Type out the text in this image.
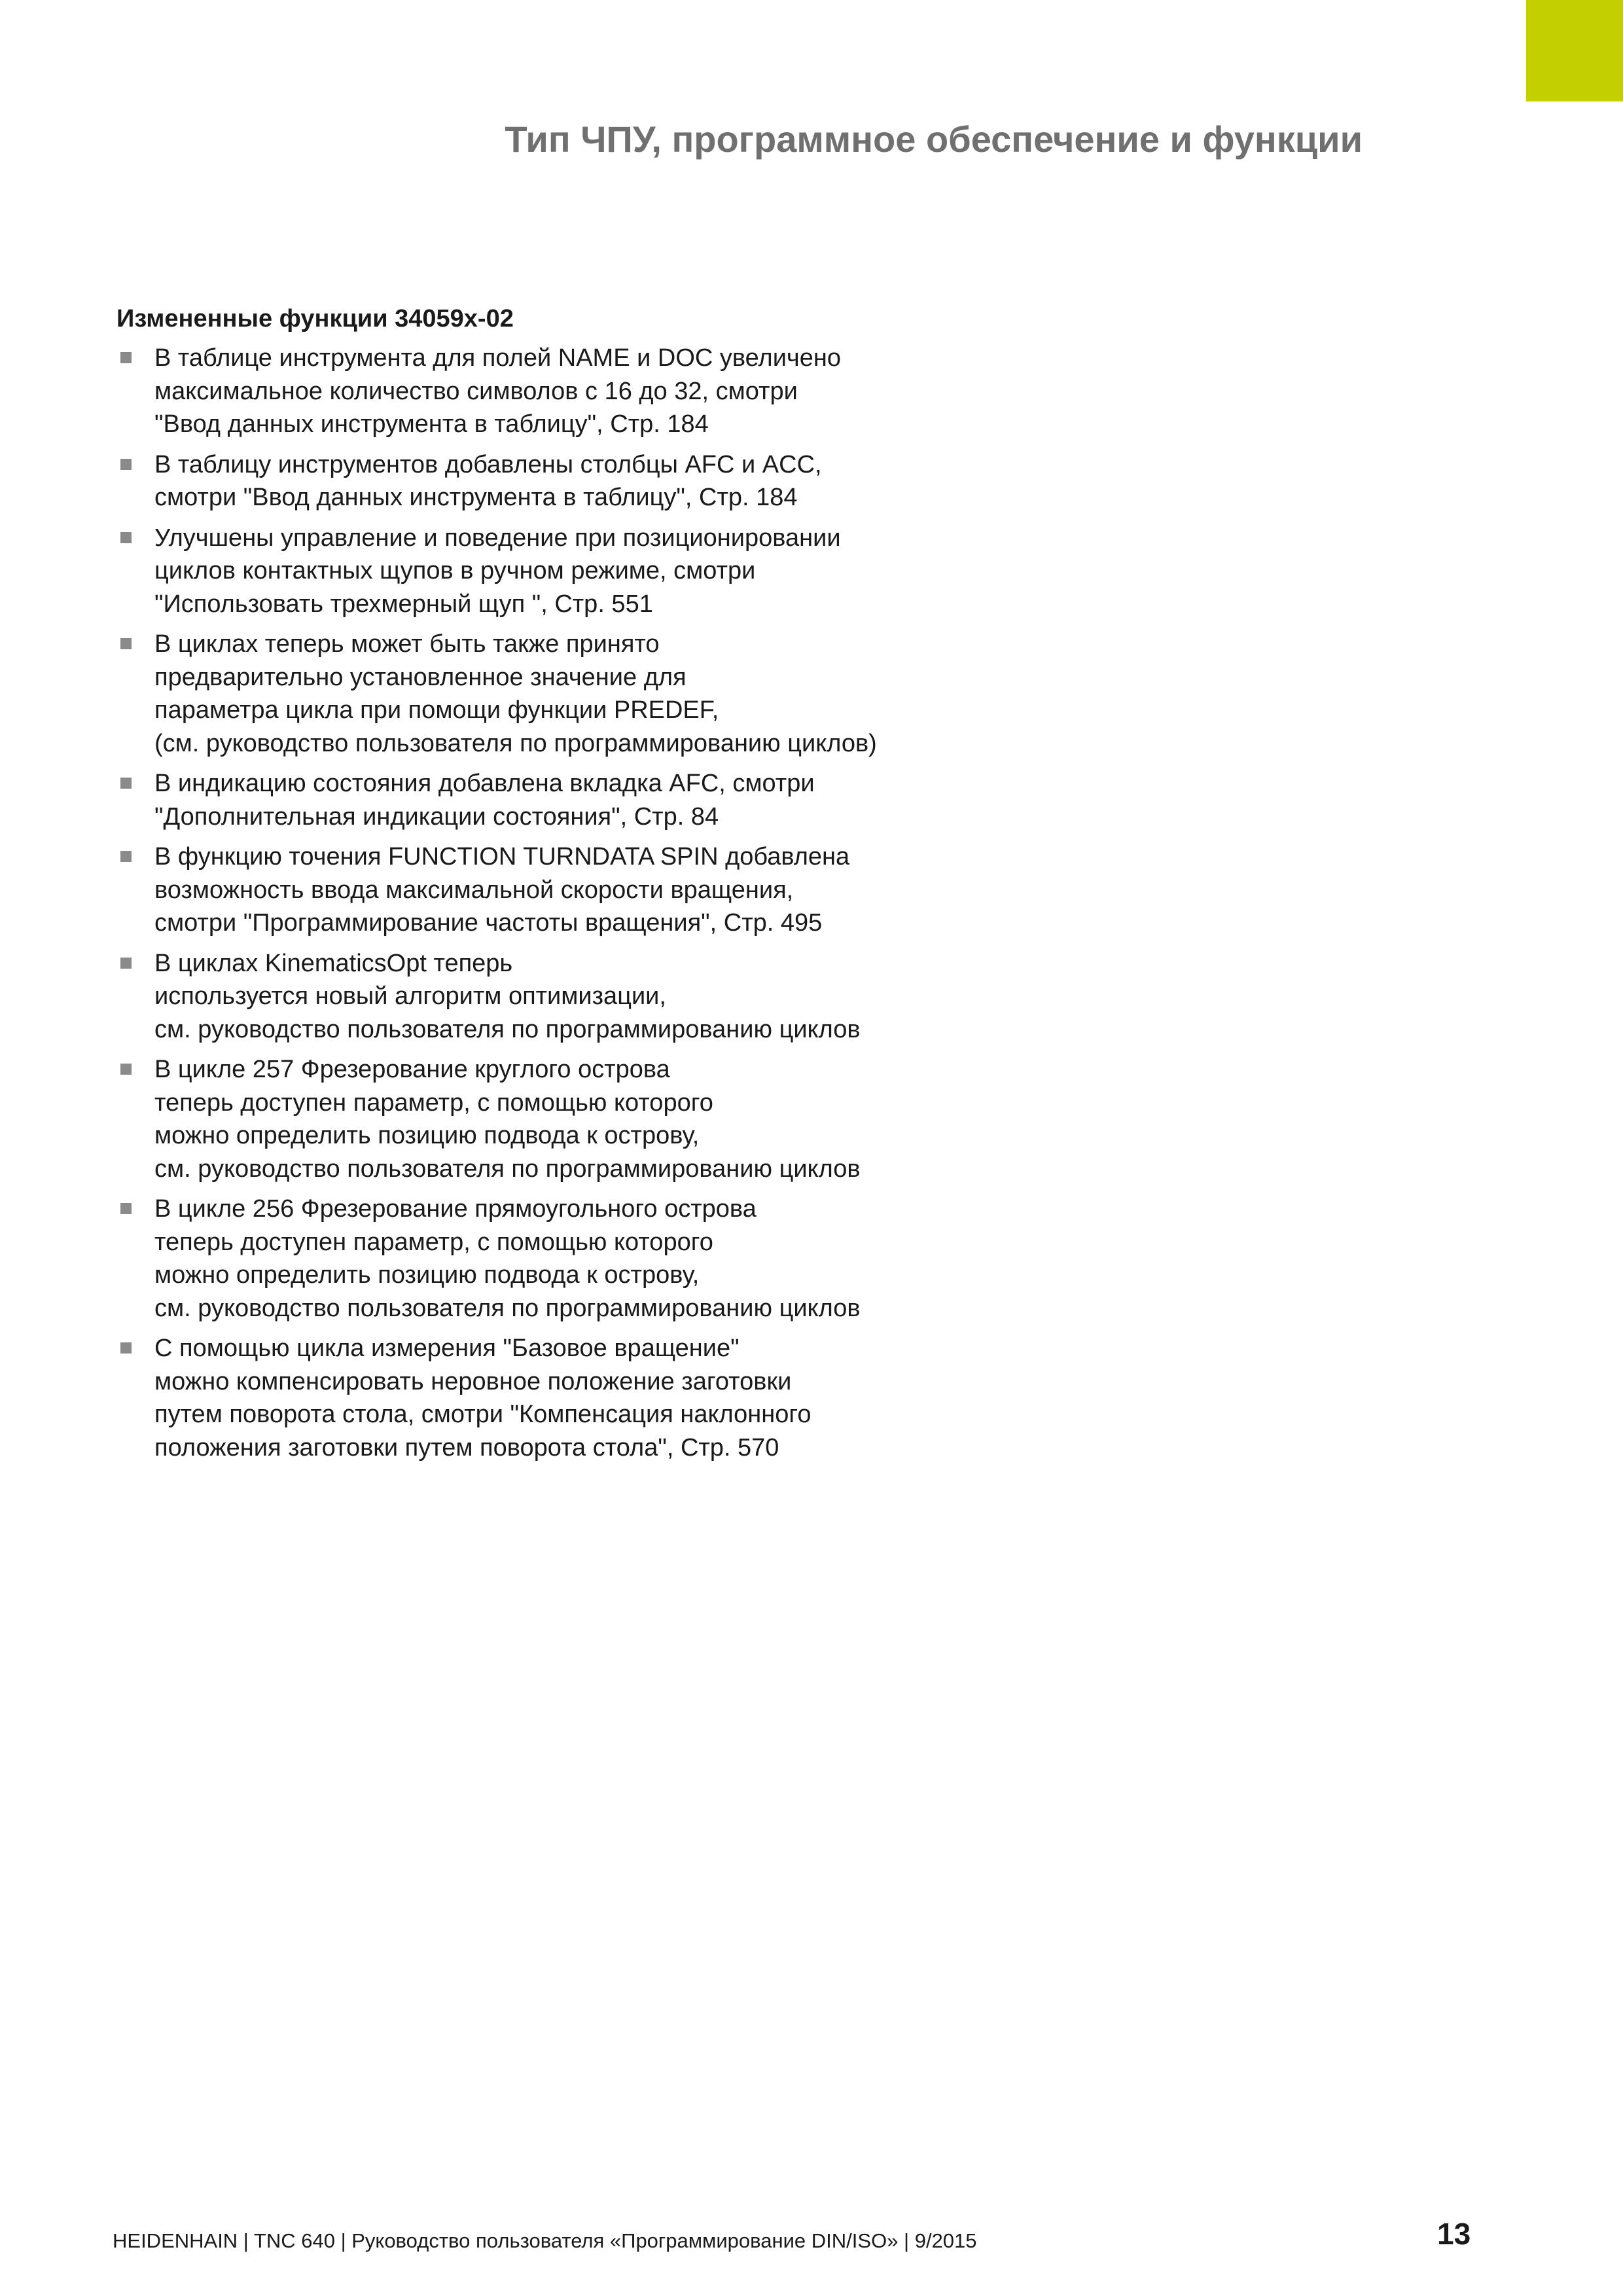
Тип ЧПУ, программное обеспечение и функции
Измененные функции 34059x-02
В таблице инструмента для полей NAME и DOC увеличено
максимальное количество символов с 16 до 32, смотри
"Ввод данных инструмента в таблицу", Стр. 184
В таблицу инструментов добавлены столбцы AFC и ACC,
смотри "Ввод данных инструмента в таблицу", Стр. 184
Улучшены управление и поведение при позиционировании
циклов контактных щупов в ручном режиме, смотри
"Использовать трехмерный щуп ", Стр. 551
В циклах теперь может быть также принято
предварительно установленное значение для
параметра цикла при помощи функции PREDEF,
(см. руководство пользователя по программированию циклов)
В индикацию состояния добавлена вкладка AFC, смотри
"Дополнительная индикации состояния", Стр. 84
В функцию точения FUNCTION TURNDATA SPIN добавлена
возможность ввода максимальной скорости вращения,
смотри "Программирование частоты вращения", Стр. 495
В циклах KinematicsOpt теперь
используется новый алгоритм оптимизации,
см. руководство пользователя по программированию циклов
В цикле 257 Фрезерование круглого острова
теперь доступен параметр, с помощью которого
можно определить позицию подвода к острову,
см. руководство пользователя по программированию циклов
В цикле 256 Фрезерование прямоугольного острова
теперь доступен параметр, с помощью которого
можно определить позицию подвода к острову,
см. руководство пользователя по программированию циклов
С помощью цикла измерения "Базовое вращение"
можно компенсировать неровное положение заготовки
путем поворота стола, смотри "Компенсация наклонного
положения заготовки путем поворота стола", Стр. 570
HEIDENHAIN | TNC 640 | Руководство пользователя «Программирование DIN/ISO» | 9/2015	13
